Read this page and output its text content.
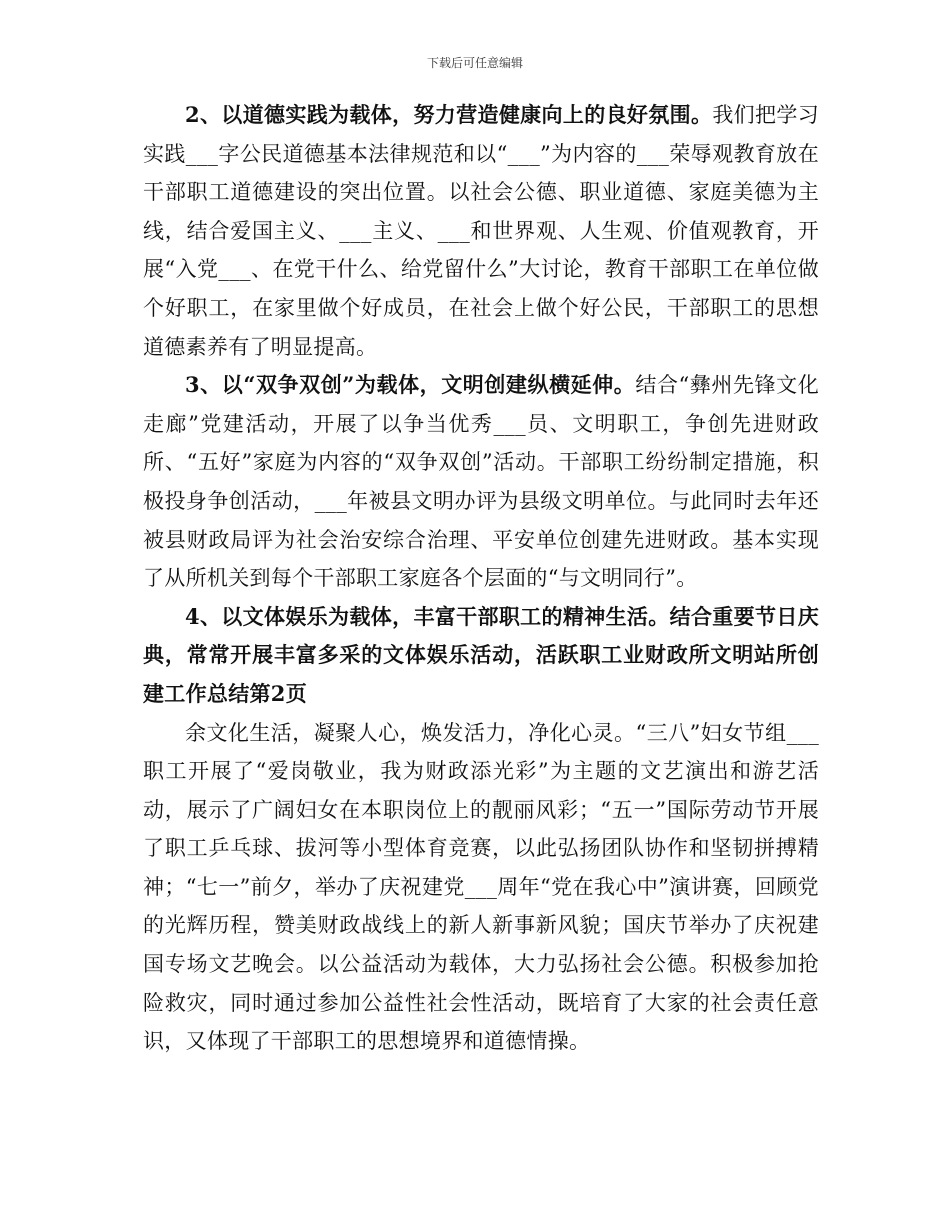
下载后可任意编辑

2、以道德实践为载体，努力营造健康向上的良好氛围。我们把学习实践___字公民道德基本法律规范和以“___”为内容的___荣辱观教育放在干部职工道德建设的突出位置。以社会公德、职业道德、家庭美德为主线，结合爱国主义、___主义、___和世界观、人生观、价值观教育，开展“入党___、在党干什么、给党留什么”大讨论，教育干部职工在单位做个好职工，在家里做个好成员，在社会上做个好公民，干部职工的思想道德素养有了明显提高。

3、以“双争双创”为载体，文明创建纵横延伸。结合“彝州先锋文化走廊”党建活动，开展了以争当优秀___员、文明职工，争创先进财政所、“五好”家庭为内容的“双争双创”活动。干部职工纷纷制定措施，积极投身争创活动，___年被县文明办评为县级文明单位。与此同时去年还被县财政局评为社会治安综合治理、平安单位创建先进财政。基本实现了从所机关到每个干部职工家庭各个层面的“与文明同行”。

4、以文体娱乐为载体，丰富干部职工的精神生活。结合重要节日庆典，常常开展丰富多采的文体娱乐活动，活跃职工业财政所文明站所创建工作总结第2页

余文化生活，凝聚人心，焕发活力，净化心灵。“三八”妇女节组___职工开展了“爱岗敬业，我为财政添光彩”为主题的文艺演出和游艺活动，展示了广阔妇女在本职岗位上的靓丽风彩；“五一”国际劳动节开展了职工乒乓球、拔河等小型体育竞赛，以此弘扬团队协作和坚韧拼搏精神；“七一”前夕，举办了庆祝建党___周年“党在我心中”演讲赛，回顾党的光辉历程，赞美财政战线上的新人新事新风貌；国庆节举办了庆祝建国专场文艺晚会。以公益活动为载体，大力弘扬社会公德。积极参加抢险救灾，同时通过参加公益性社会性活动，既培育了大家的社会责任意识，又体现了干部职工的思想境界和道德情操。
